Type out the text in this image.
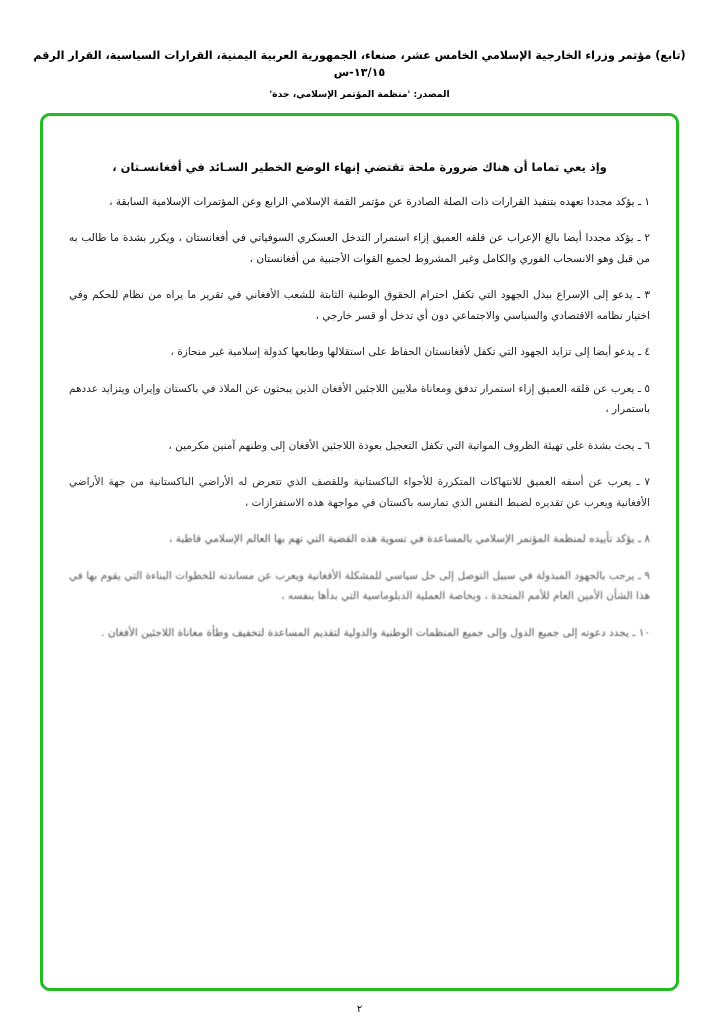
(تابع) مؤتمر وزراء الخارجية الإسلامي الخامس عشر، صنعاء، الجمهورية العربية اليمنية، القرارات السياسية، القرار الرقم ١٣/١٥-س
المصدر: 'منظمة المؤتمر الإسلامي، جدة'
وإذ يعي تماما أن هناك ضرورة ملحة تقتضي إنهاء الوضع الخطير السـائد في أفغانسـتان ،

١ ـ يؤكد مجددا تعهده بتنفيذ القرارات ذات الصلة الصادرة عن مؤتمر القمة الإسلامي الرابع وعن المؤتمرات الإسلامية السابقة ،

٢ ـ يؤكد مجددا أيضا بالغ الإعراب عن قلقه العميق إزاء استمرار التدخل العسكري السوفياتي في أفغانستان ، ويكرر بشدة ما طالب به من قبل وهو الانسحاب الفوري والكامل وغير المشروط لجميع القوات الأجنبية من أفغانستان ،

٣ ـ يدعو إلى الإسراع ببذل الجهود التي تكفل احترام الحقوق الوطنية الثابتة للشعب الأفغاني في تقرير ما يراه من نظام للحكم وفي اختيار نظامه الاقتصادي والسياسي والاجتماعي دون أي تدخل أو قسر خارجي ،

٤ ـ يدعو أيضا إلى تزايد الجهود التي تكفل لأفغانستان الحفاظ على استقلالها وطابعها كدولة إسلامية غير منحازة ،

٥ ـ يعرب عن قلقه العميق إزاء استمرار تدفق ومعاناة ملايين اللاجئين الأفغان الذين يبحثون عن الملاذ في باكستان وإيران ويتزايد عددهم باستمرار ،

٦ ـ يحث بشدة على تهيئة الظروف المواتية التي تكفل التعجيل بعودة اللاجئين الأفغان إلى وطنهم آمنين مكرمين ،

٧ ـ يعرب عن أسفه العميق للانتهاكات المتكررة للأجواء الباكستانية وللقصف الذي تتعرض له الأراضي الباكستانية من جهة الأراضي الأفغانية ويعرب عن تقديره لضبط النفس الذي تمارسه باكستان في مواجهة هذه الاستفزازات ،

٨ ـ يؤكد تأييده لمنظمة المؤتمر الإسلامي بالمساعدة في تسوية هذه القضية التي تهم بها العالم الإسلامي قاطبة ،

٩ ـ يرحب بالجهود المبذولة في سبيل التوصل إلى حل سياسي للمشكلة الأفغانية ويعرب عن مساندته للخطوات البناءة التي يقوم بها في هذا الشأن الأمين العام للأمم المتحدة ، وبخاصة العملية الدبلوماسية التي بدأها بنفسه ،

١٠ ـ يجدد دعوته إلى جميع الدول وإلى جميع المنظمات الوطنية والدولية لتقديم المساعدة لتخفيف وطأة معاناة اللاجئين الأفغان .

٢
